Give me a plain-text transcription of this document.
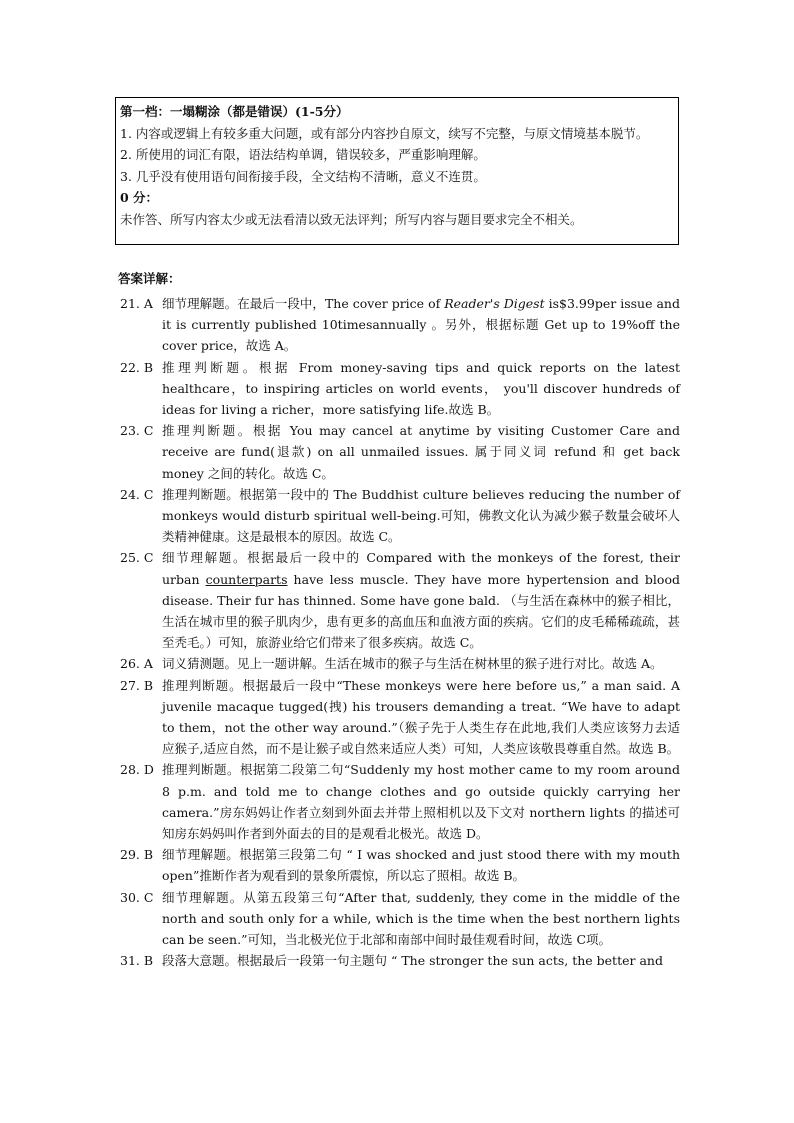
第一档：一塌糊涂（都是错误）(1-5分）

1. 内容或逻辑上有较多重大问题，或有部分内容抄自原文，续写不完整，与原文情境基本脱节。

2. 所使用的词汇有限，语法结构单调，错误较多，严重影响理解。

3. 几乎没有使用语句间衔接手段，全文结构不清晰，意义不连贯。

0 分：

未作答、所写内容太少或无法看清以致无法评判；所写内容与题目要求完全不相关。

答案详解：
21. A 细节理解题。在最后一段中，The cover price of Reader's Digest is$3.99per issue and it is currently published 10timesannually 。另外，根据标题 Get up to 19%off the cover price，故选 A。
22. B 推理判断题。根据 From money-saving tips and quick reports on the latest healthcare，to inspiring articles on world events， you'll discover hundreds of ideas for living a richer，more satisfying life.故选 B。
23. C 推理判断题。根据 You may cancel at anytime by visiting Customer Care and receive are fund(退款) on all unmailed issues. 属于同义词 refund 和 get back money 之间的转化。故选 C。
24. C 推理判断题。根据第一段中的 The Buddhist culture believes reducing the number of monkeys would disturb spiritual well-being.可知，佛教文化认为减少猴子数量会破坏人类精神健康。这是最根本的原因。故选 C。
25. C 细节理解题。根据最后一段中的 Compared with the monkeys of the forest, their urban counterparts have less muscle. They have more hypertension and blood disease. Their fur has thinned. Some have gone bald. （与生活在森林中的猴子相比，生活在城市里的猴子肌肉少，患有更多的高血压和血液方面的疾病。它们的皮毛稀稀疏疏，甚至秃毛。）可知，旅游业给它们带来了很多疾病。故选 C。
26. A 词义猜测题。见上一题讲解。生活在城市的猴子与生活在树林里的猴子进行对比。故选 A。
27. B 推理判断题。根据最后一段中“These monkeys were here before us,” a man said. A juvenile macaque tugged(拽) his trousers demanding a treat. “We have to adapt to them，not the other way around.”（猴子先于人类生存在此地,我们人类应该努力去适应猴子,适应自然，而不是让猴子或自然来适应人类）可知，人类应该敬畏尊重自然。故选 B。
28. D 推理判断题。根据第二段第二句“Suddenly my host mother came to my room around 8 p.m. and told me to change clothes and go outside quickly carrying her camera.”房东妈妈让作者立刻到外面去并带上照相机以及下文对 northern lights 的描述可知房东妈妈叫作者到外面去的目的是观看北极光。故选 D。
29. B 细节理解题。根据第三段第二句 “ I was shocked and just stood there with my mouth open”推断作者为观看到的景象所震惊，所以忘了照相。故选 B。
30. C 细节理解题。从第五段第三句“After that, suddenly, they come in the middle of the north and south only for a while, which is the time when the best northern lights can be seen.”可知，当北极光位于北部和南部中间时最佳观看时间，故选 C项。
31. B 段落大意题。根据最后一段第一句主题句 “ The stronger the sun acts, the better and
